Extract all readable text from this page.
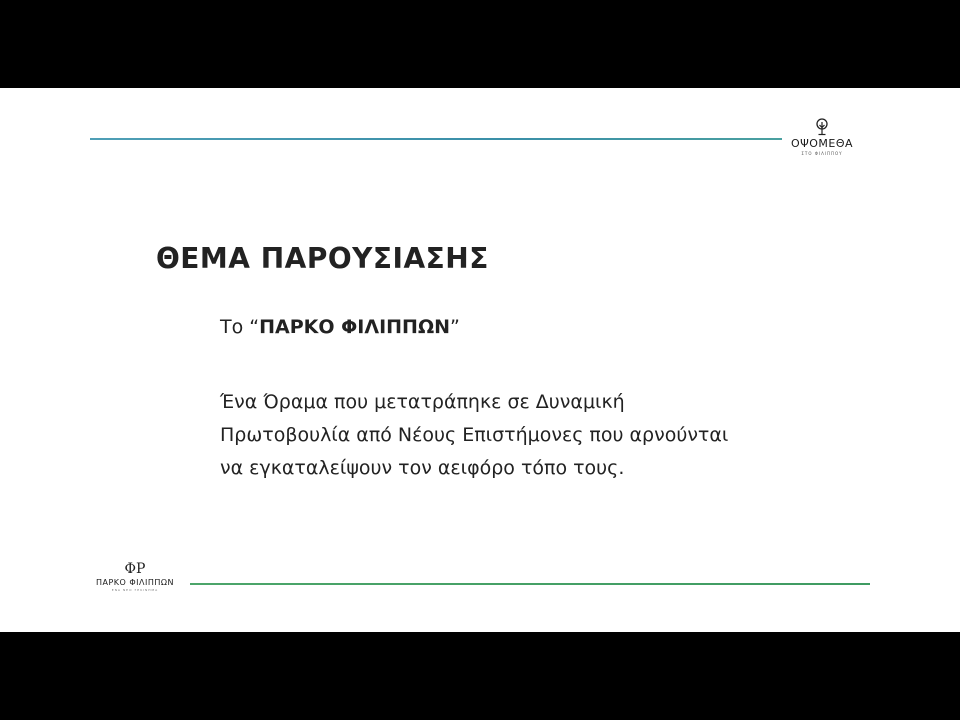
ΟΨΟΜΕΘΑ
ΣΤΟ ΦΙΛΙΠΠΟΥ
ΘΕΜΑ ΠΑΡΟΥΣΙΑΣΗΣ
Το “ΠΑΡΚΟ ΦΙΛΙΠΠΩΝ”
Ένα Όραμα που μετατράπηκε σε Δυναμική
Πρωτοβουλία από Νέους Επιστήμονες που αρνούνται
να εγκαταλείψουν τον αειφόρο τόπο τους.
ΦΡ
ΠΑΡΚΟ ΦΙΛΙΠΠΩΝ
ΕΝΑ ΝΕΟ ΞΕΚΙΝΗΜΑ
